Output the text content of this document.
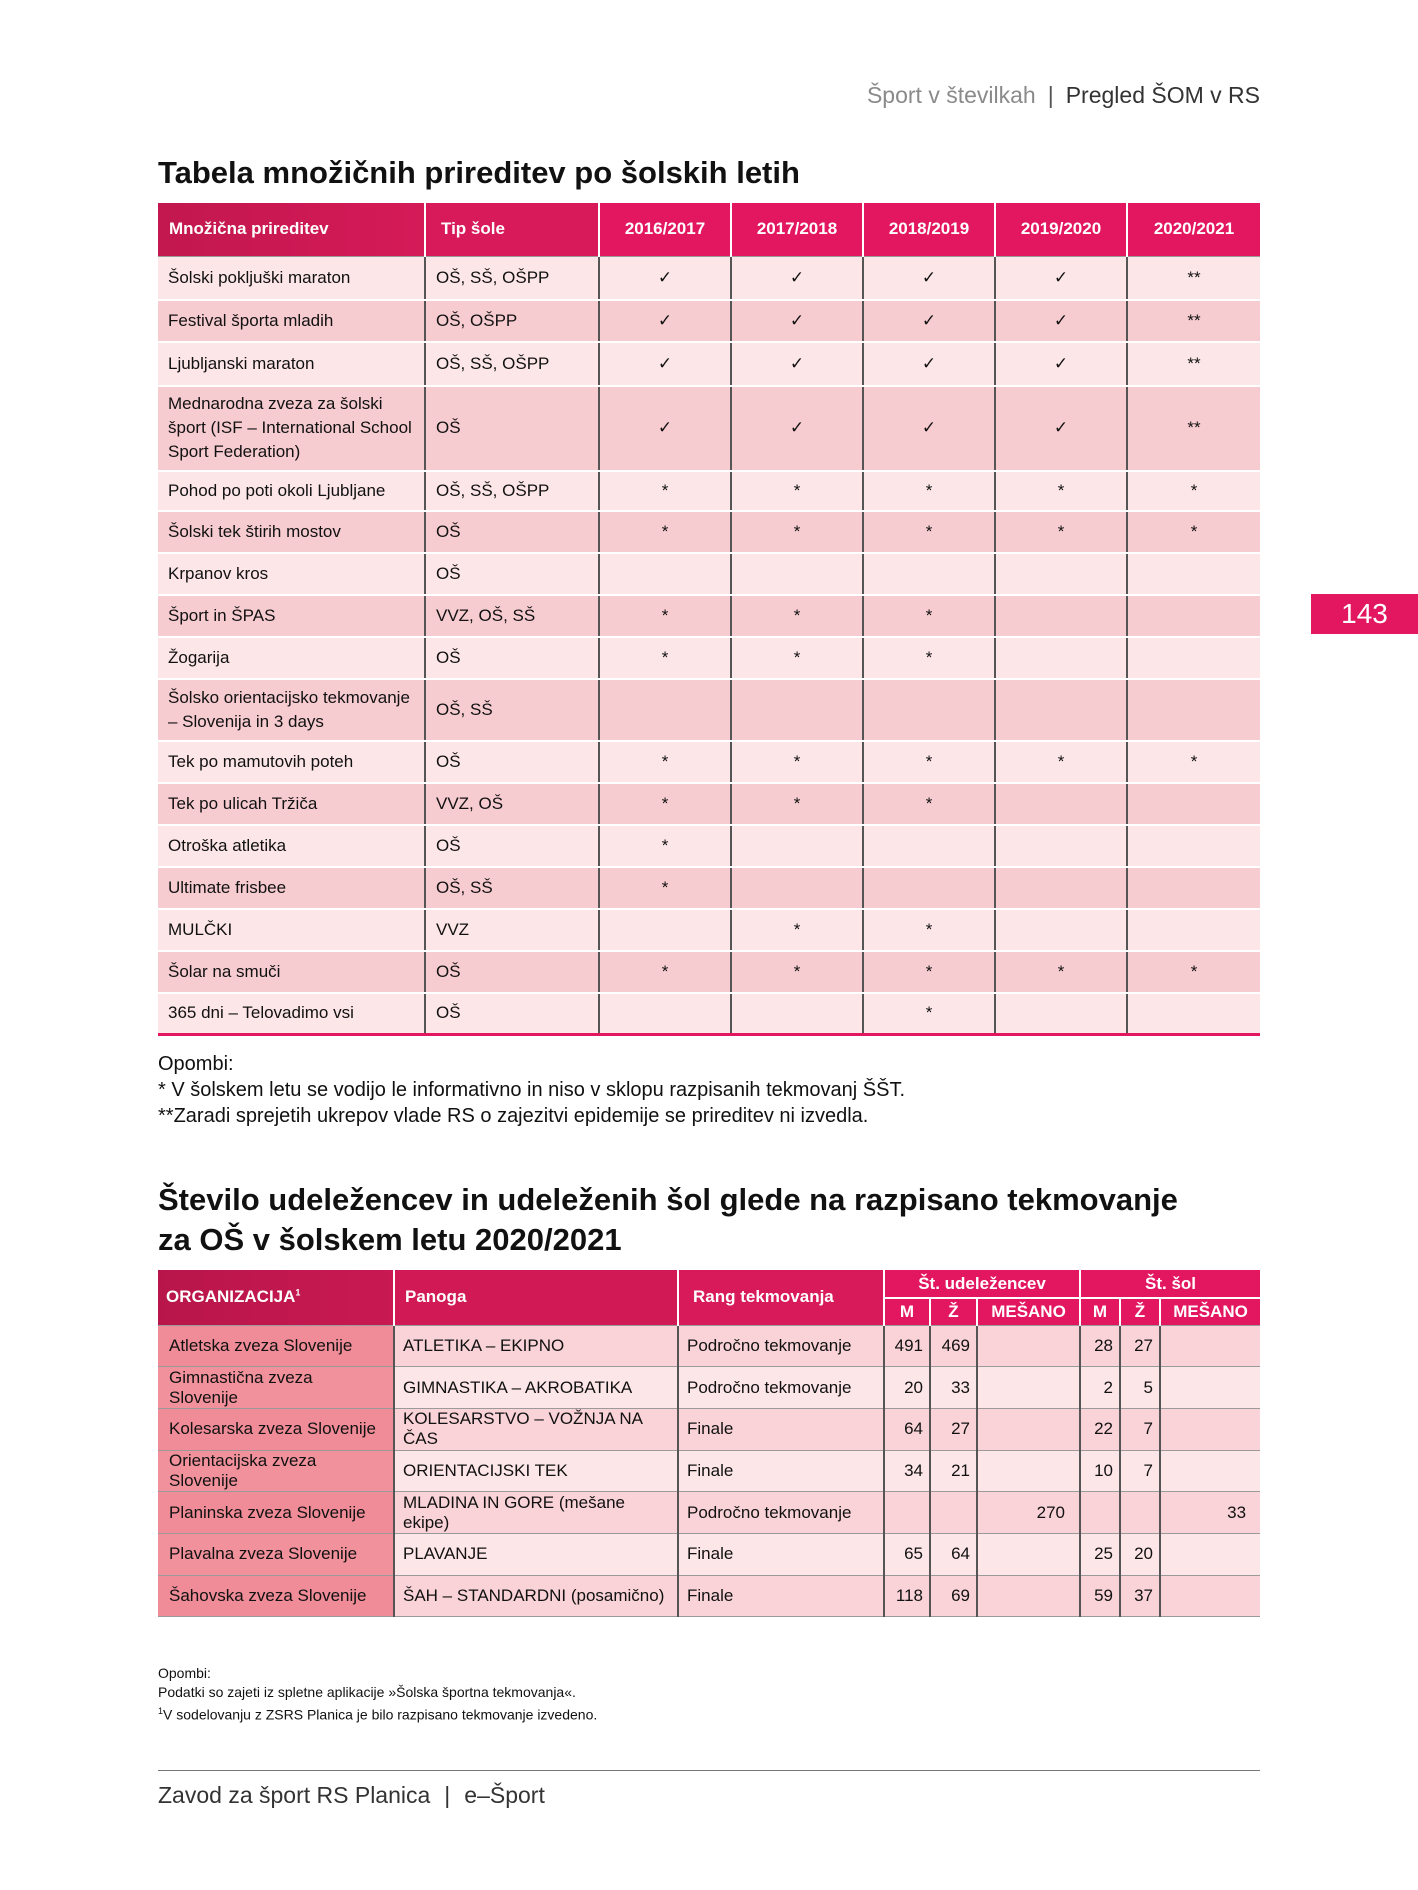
Šport v številkah | Pregled ŠOM v RS
143
Tabela množičnih prireditev po šolskih letih
Množična prireditev	Tip šole	2016/2017	2017/2018	2018/2019	2019/2020	2020/2021
Šolski pokljuški maraton	OŠ, SŠ, OŠPP	✓	✓	✓	✓	**
Festival športa mladih	OŠ, OŠPP	✓	✓	✓	✓	**
Ljubljanski maraton	OŠ, SŠ, OŠPP	✓	✓	✓	✓	**
Mednarodna zveza za šolski šport (ISF – International School Sport Federation)	OŠ	✓	✓	✓	✓	**
Pohod po poti okoli Ljubljane	OŠ, SŠ, OŠPP	*	*	*	*	*
Šolski tek štirih mostov	OŠ	*	*	*	*	*
Krpanov kros	OŠ					
Šport in ŠPAS	VVZ, OŠ, SŠ	*	*	*		
Žogarija	OŠ	*	*	*		
Šolsko orientacijsko tekmovanje – Slovenija in 3 days	OŠ, SŠ					
Tek po mamutovih poteh	OŠ	*	*	*	*	*
Tek po ulicah Tržiča	VVZ, OŠ	*	*	*		
Otroška atletika	OŠ	*				
Ultimate frisbee	OŠ, SŠ	*				
MULČKI	VVZ		*	*		
Šolar na smuči	OŠ	*	*	*	*	*
365 dni – Telovadimo vsi	OŠ			*		
Opombi:
* V šolskem letu se vodijo le informativno in niso v sklopu razpisanih tekmovanj ŠŠT.
**Zaradi sprejetih ukrepov vlade RS o zajezitvi epidemije se prireditev ni izvedla.
Število udeležencev in udeleženih šol glede na razpisano tekmovanje
za OŠ v šolskem letu 2020/2021
ORGANIZACIJA$^1$	Panoga	Rang tekmovanja	Št. udeležencev			Št. šol		
			M	Ž	MEŠANO	M	Ž	MEŠANO
Atletska zveza Slovenije	ATLETIKA – EKIPNO	Področno tekmovanje	491	469		28	27	
Gimnastična zveza Slovenije	GIMNASTIKA – AKROBATIKA	Področno tekmovanje	20	33		2	5	
Kolesarska zveza Slovenije	KOLESARSTVO – VOŽNJA NA ČAS	Finale	64	27		22	7	
Orientacijska zveza Slovenije	ORIENTACIJSKI TEK	Finale	34	21		10	7	
Planinska zveza Slovenije	MLADINA IN GORE (mešane ekipe)	Področno tekmovanje			270			33
Plavalna zveza Slovenije	PLAVANJE	Finale	65	64		25	20	
Šahovska zveza Slovenije	ŠAH – STANDARDNI (posamično)	Finale	118	69		59	37	
Opombi:
Podatki so zajeti iz spletne aplikacije »Šolska športna tekmovanja«.
$^1$V sodelovanju z ZSRS Planica je bilo razpisano tekmovanje izvedeno.
Zavod za šport RS Planica | e–Šport
